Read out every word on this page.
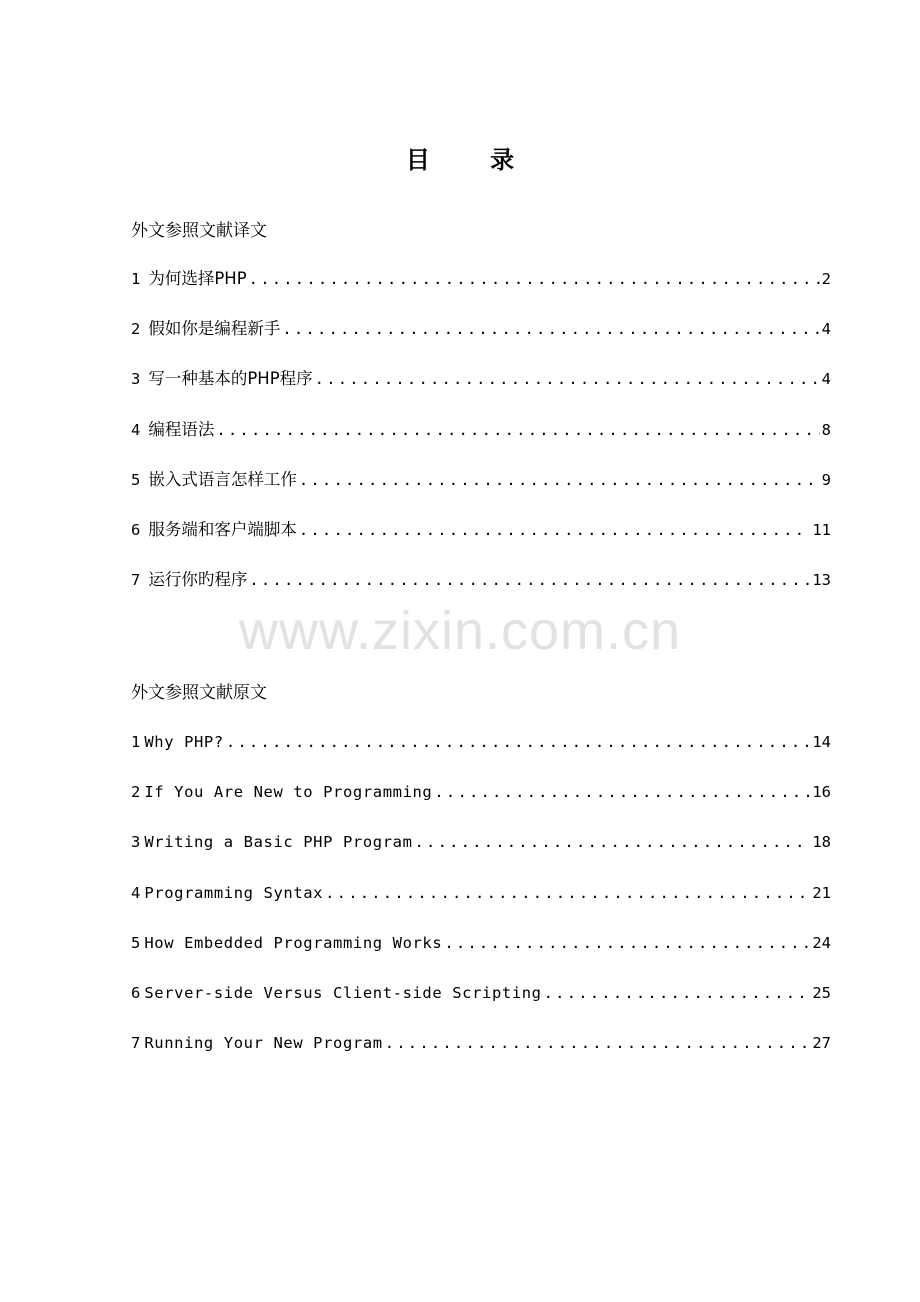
目 录
外文参照文献译文
1 为何选择PHP .....	2
2 假如你是编程新手 .....	4
3 写一种基本的PHP程序 .....	4
4 编程语法 .....	8
5 嵌入式语言怎样工作 .....	9
6 服务端和客户端脚本 .....	11
7 运行你旳程序 .....	13
www.zixin.com.cn
外文参照文献原文
1 Why PHP? .....	14
2 If You Are New to Programming .....	16
3 Writing a Basic PHP Program .....	18
4 Programming Syntax .....	21
5 How Embedded Programming Works .....	24
6 Server-side Versus Client-side Scripting .....	25
7 Running Your New Program .....	27
